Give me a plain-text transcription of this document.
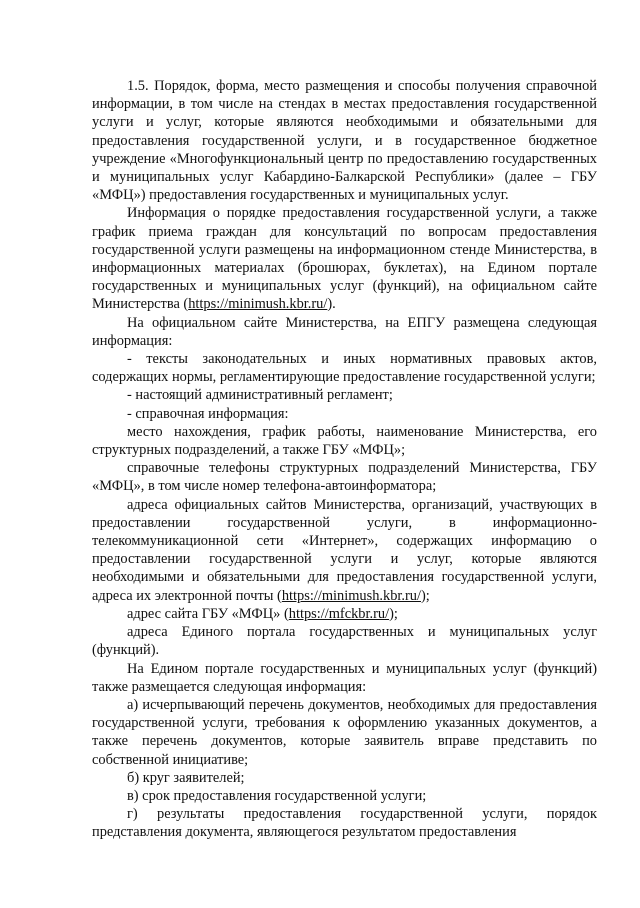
1.5. Порядок, форма, место размещения и способы получения справочной информации, в том числе на стендах в местах предоставления государственной услуги и услуг, которые являются необходимыми и обязательными для предоставления государственной услуги, и в государственное бюджетное учреждение «Многофункциональный центр по предоставлению государственных и муниципальных услуг Кабардино-Балкарской Республики» (далее – ГБУ «МФЦ») предоставления государственных и муниципальных услуг.

Информация о порядке предоставления государственной услуги, а также график приема граждан для консультаций по вопросам предоставления государственной услуги размещены на информационном стенде Министерства, в информационных материалах (брошюрах, буклетах), на Едином портале государственных и муниципальных услуг (функций), на официальном сайте Министерства (https://minimush.kbr.ru/).

На официальном сайте Министерства, на ЕПГУ размещена следующая информация:

- тексты законодательных и иных нормативных правовых актов, содержащих нормы, регламентирующие предоставление государственной услуги;

- настоящий административный регламент;

- справочная информация:

место нахождения, график работы, наименование Министерства, его структурных подразделений, а также ГБУ «МФЦ»;

справочные телефоны структурных подразделений Министерства, ГБУ «МФЦ», в том числе номер телефона-автоинформатора;

адреса официальных сайтов Министерства, организаций, участвующих в предоставлении государственной услуги, в информационно-телекоммуникационной сети «Интернет», содержащих информацию о предоставлении государственной услуги и услуг, которые являются необходимыми и обязательными для предоставления государственной услуги, адреса их электронной почты (https://minimush.kbr.ru/);

адрес сайта ГБУ «МФЦ» (https://mfckbr.ru/);

адреса Единого портала государственных и муниципальных услуг (функций).

На Едином портале государственных и муниципальных услуг (функций) также размещается следующая информация:

а) исчерпывающий перечень документов, необходимых для предоставления государственной услуги, требования к оформлению указанных документов, а также перечень документов, которые заявитель вправе представить по собственной инициативе;

б) круг заявителей;

в) срок предоставления государственной услуги;

г) результаты предоставления государственной услуги, порядок представления документа, являющегося результатом предоставления
